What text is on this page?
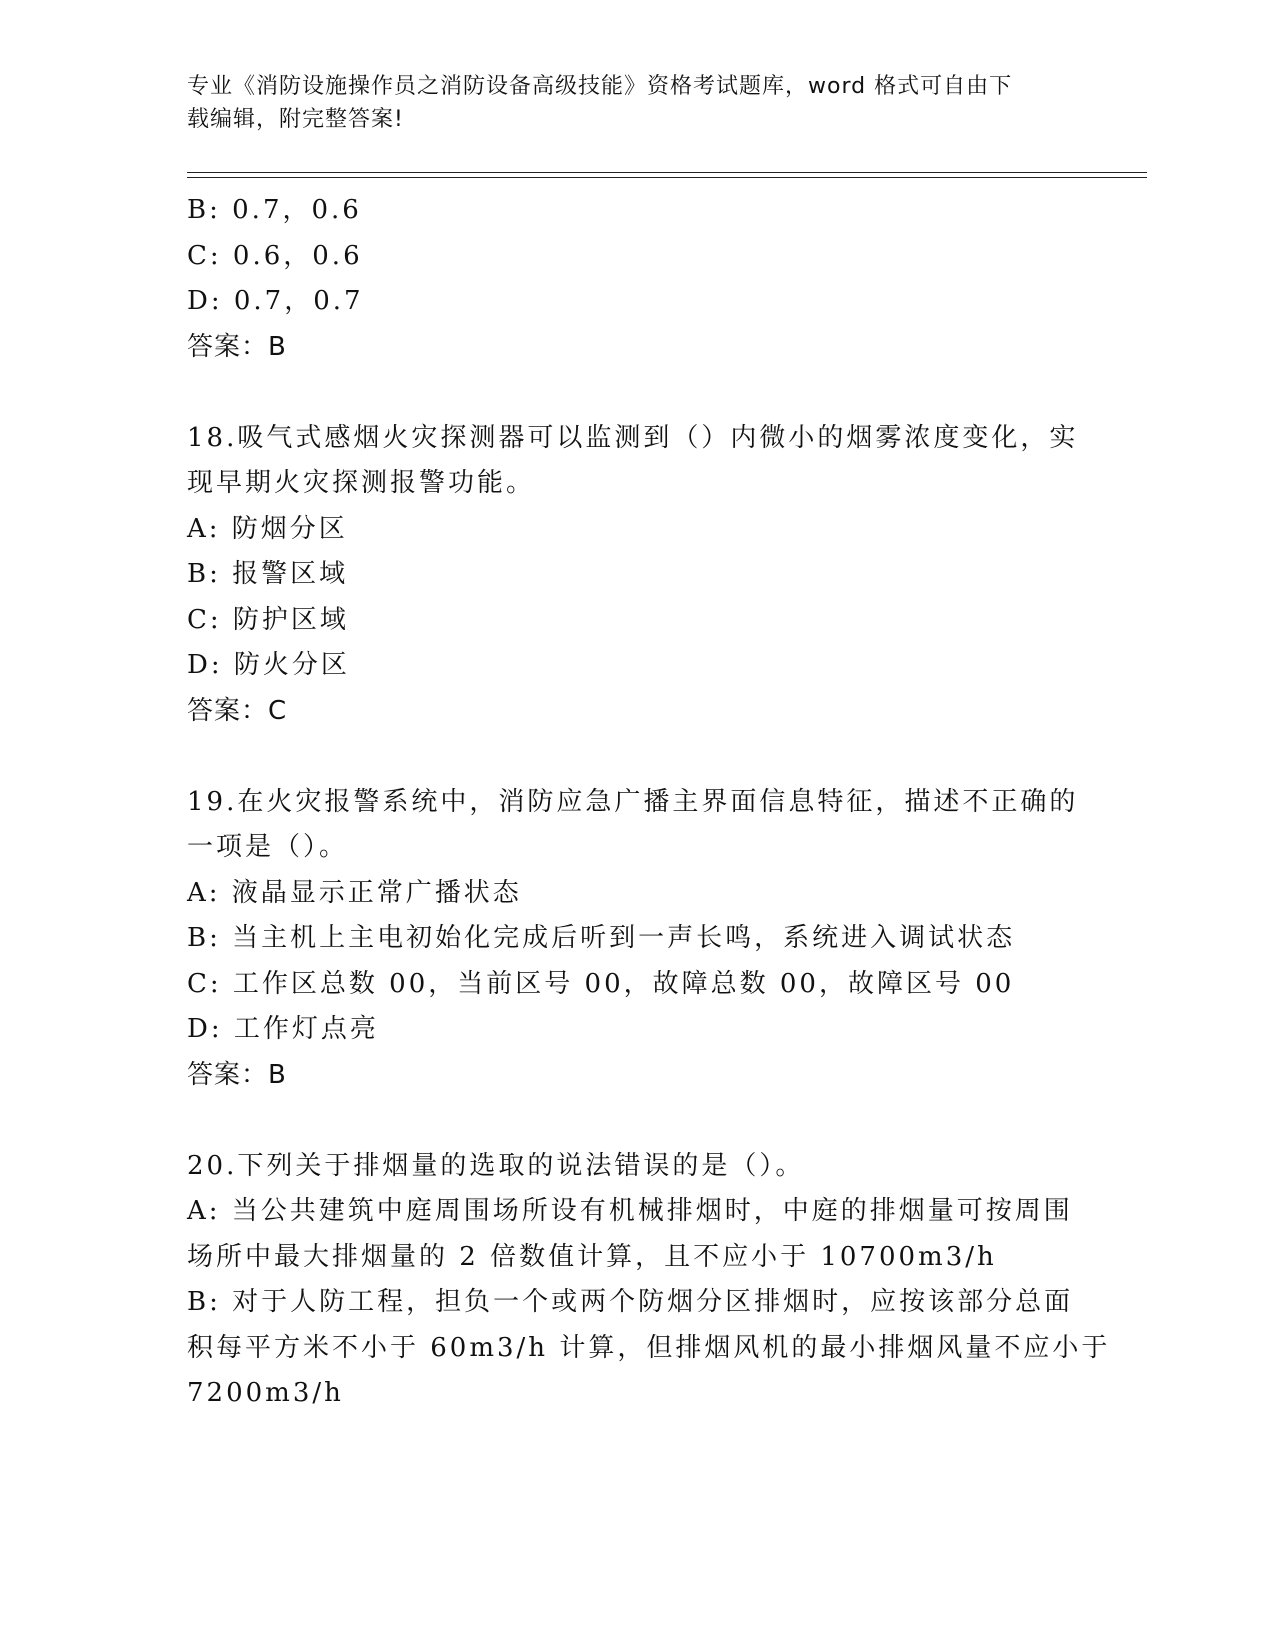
专业《消防设施操作员之消防设备高级技能》资格考试题库，word 格式可自由下
载编辑，附完整答案!
B: 0.7，0.6
C: 0.6，0.6
D: 0.7，0.7
答案：B
18.吸气式感烟火灾探测器可以监测到（）内微小的烟雾浓度变化，实
现早期火灾探测报警功能。
A: 防烟分区
B: 报警区域
C: 防护区域
D: 防火分区
答案：C
19.在火灾报警系统中，消防应急广播主界面信息特征，描述不正确的
一项是（）。
A: 液晶显示正常广播状态
B: 当主机上主电初始化完成后听到一声长鸣，系统进入调试状态
C: 工作区总数 00，当前区号 00，故障总数 00，故障区号 00
D: 工作灯点亮
答案：B
20.下列关于排烟量的选取的说法错误的是（）。
A: 当公共建筑中庭周围场所设有机械排烟时，中庭的排烟量可按周围
场所中最大排烟量的 2 倍数值计算，且不应小于 10700m3/h
B: 对于人防工程，担负一个或两个防烟分区排烟时，应按该部分总面
积每平方米不小于 60m3/h 计算，但排烟风机的最小排烟风量不应小于
7200m3/h
